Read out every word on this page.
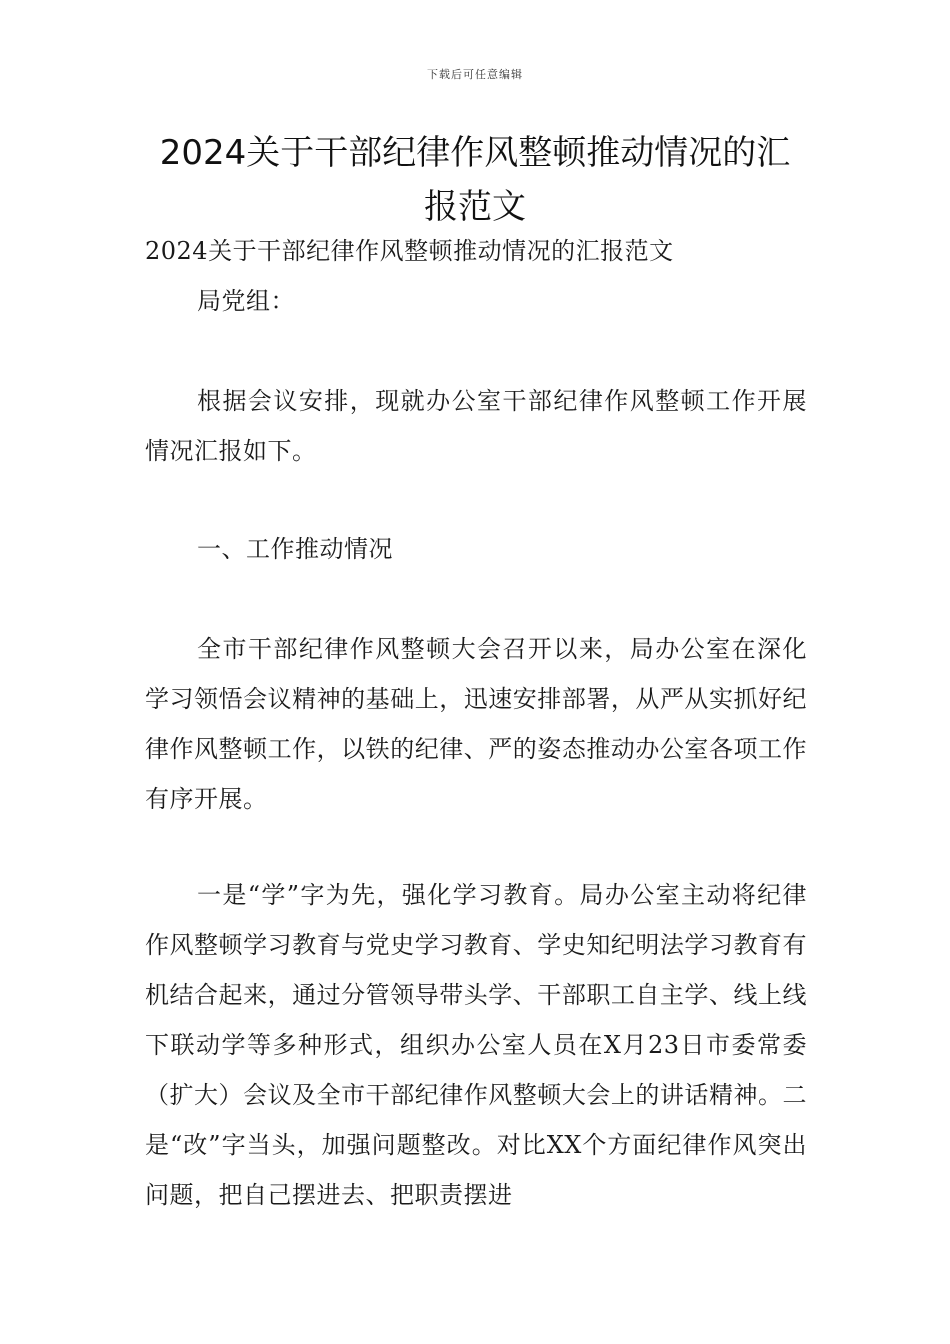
下载后可任意编辑
2024关于干部纪律作风整顿推动情况的汇报范文
2024关于干部纪律作风整顿推动情况的汇报范文
局党组：
根据会议安排，现就办公室干部纪律作风整顿工作开展情况汇报如下。
一、工作推动情况
全市干部纪律作风整顿大会召开以来，局办公室在深化学习领悟会议精神的基础上，迅速安排部署，从严从实抓好纪律作风整顿工作，以铁的纪律、严的姿态推动办公室各项工作有序开展。
一是“学”字为先，强化学习教育。局办公室主动将纪律作风整顿学习教育与党史学习教育、学史知纪明法学习教育有机结合起来，通过分管领导带头学、干部职工自主学、线上线下联动学等多种形式，组织办公室人员在X月23日市委常委（扩大）会议及全市干部纪律作风整顿大会上的讲话精神。二是“改”字当头，加强问题整改。对比XX个方面纪律作风突出问题，把自己摆进去、把职责摆进
